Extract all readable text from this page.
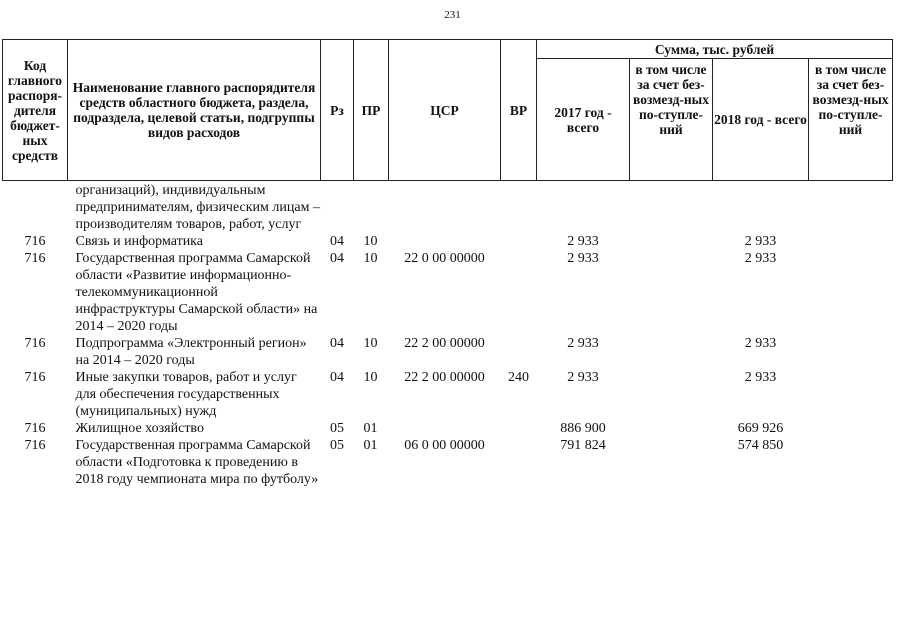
231
Код главного распоря-дителя бюджет-ных средств	Наименование главного распорядителя средств областного бюджета, раздела, подраздела, целевой статьи, подгруппы видов расходов	Рз	ПР	ЦСР	ВР	Сумма, тыс. рублей			
						2017 год - всего	в том числе за счет без-возмезд-ных по-ступле-ний	2018 год - всего	в том числе за счет без-возмезд-ных по-ступле-ний
	организаций), индивидуальным предпринимателям, физическим лицам – производителям товаров, работ, услуг								
716	Связь и информатика	04	10			2 933		2 933	
716	Государственная программа Самарской области «Развитие информационно-телекоммуникационной инфраструктуры Самарской области» на 2014 – 2020 годы	04	10	22 0 00 00000		2 933		2 933	
716	Подпрограмма «Электронный регион» на 2014 – 2020 годы	04	10	22 2 00 00000		2 933		2 933	
716	Иные закупки товаров, работ и услуг для обеспечения государственных (муниципальных) нужд	04	10	22 2 00 00000	240	2 933		2 933	
716	Жилищное хозяйство	05	01			886 900		669 926	
716	Государственная программа Самарской области «Подготовка к проведению в 2018 году чемпионата мира по футболу»	05	01	06 0 00 00000		791 824		574 850	
